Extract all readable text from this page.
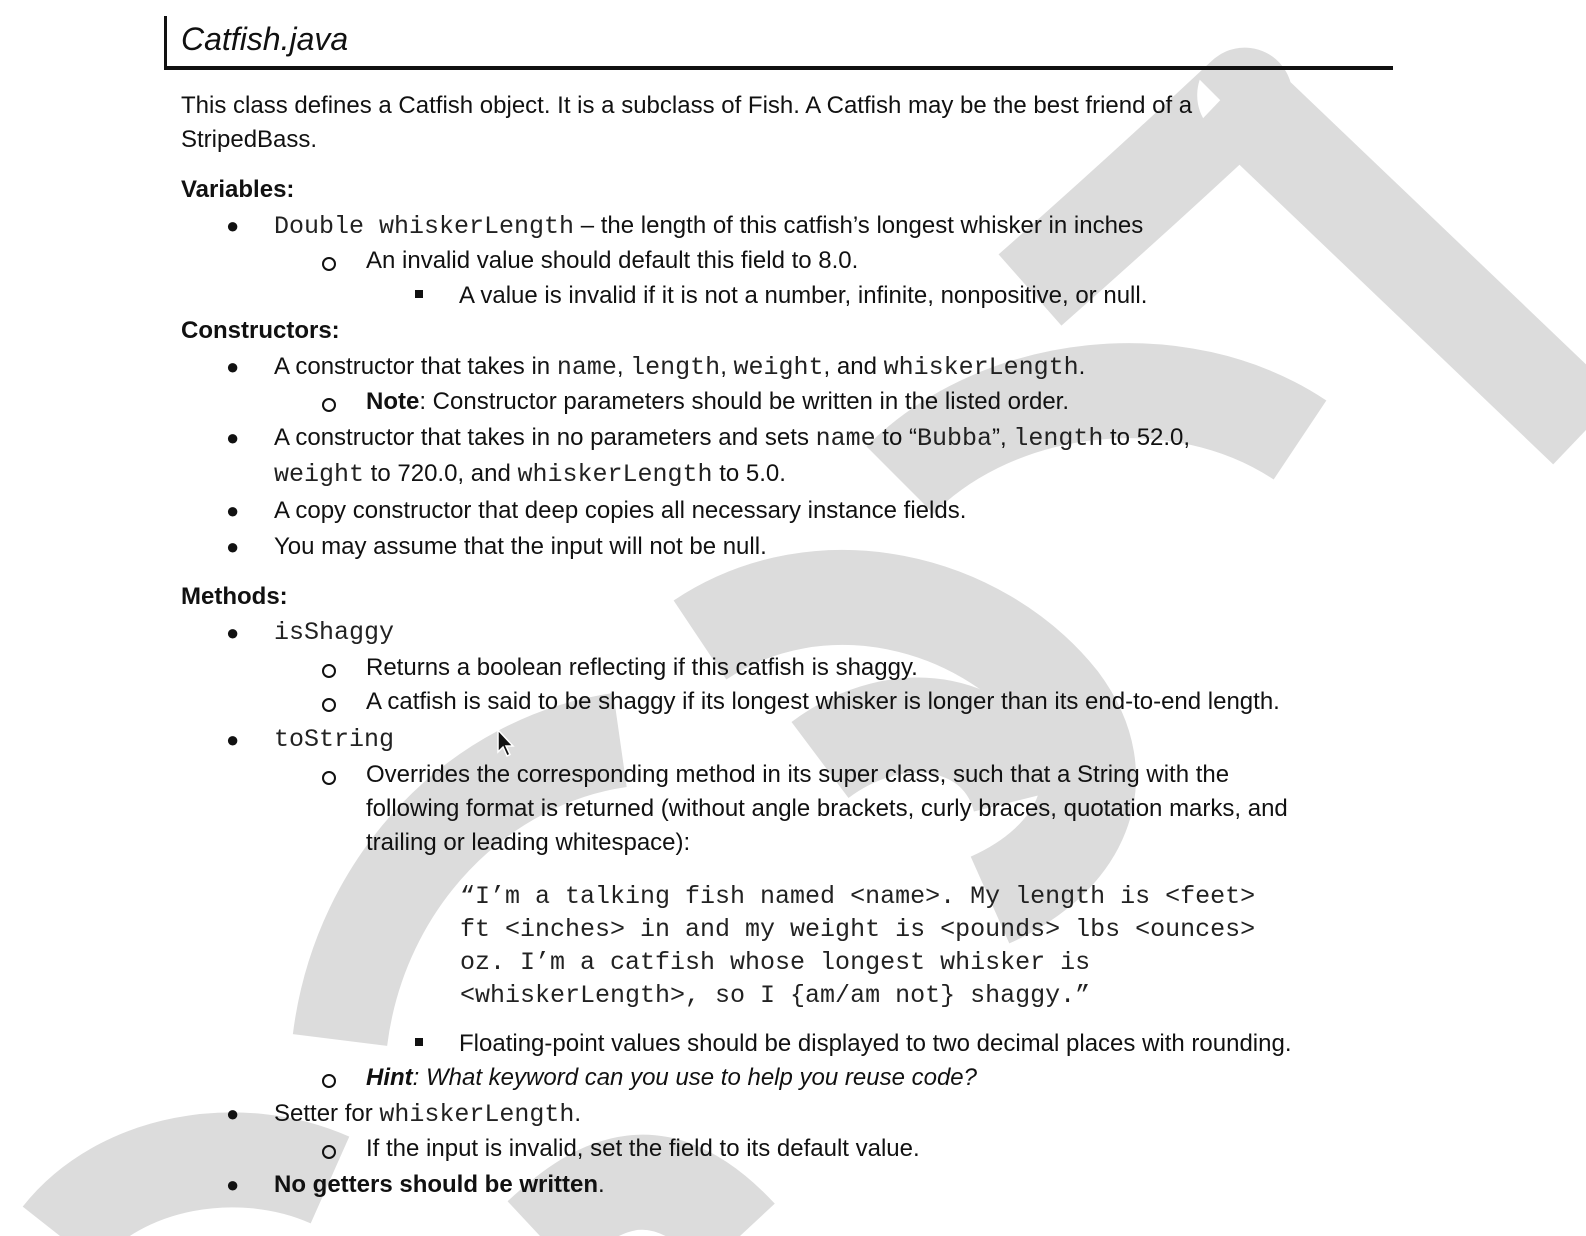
Catfish.java
This class defines a Catfish object. It is a subclass of Fish. A Catfish may be the best friend of a
StripedBass.
Variables:
● Double whiskerLength – the length of this catfish’s longest whisker in inches
An invalid value should default this field to 8.0.
A value is invalid if it is not a number, infinite, nonpositive, or null.
Constructors:
● A constructor that takes in name, length, weight, and whiskerLength.
Note: Constructor parameters should be written in the listed order.
● A constructor that takes in no parameters and sets name to “Bubba”, length to 52.0,
weight to 720.0, and whiskerLength to 5.0.
● A copy constructor that deep copies all necessary instance fields.
● You may assume that the input will not be null.
Methods:
● isShaggy
Returns a boolean reflecting if this catfish is shaggy.
A catfish is said to be shaggy if its longest whisker is longer than its end-to-end length.
● toString
Overrides the corresponding method in its super class, such that a String with the
following format is returned (without angle brackets, curly braces, quotation marks, and
trailing or leading whitespace):
“I’m a talking fish named <name>. My length is <feet>
ft <inches> in and my weight is <pounds> lbs <ounces>
oz. I’m a catfish whose longest whisker is
<whiskerLength>, so I {am/am not} shaggy.”
Floating-point values should be displayed to two decimal places with rounding.
Hint: What keyword can you use to help you reuse code?
● Setter for whiskerLength.
If the input is invalid, set the field to its default value.
● No getters should be written.
